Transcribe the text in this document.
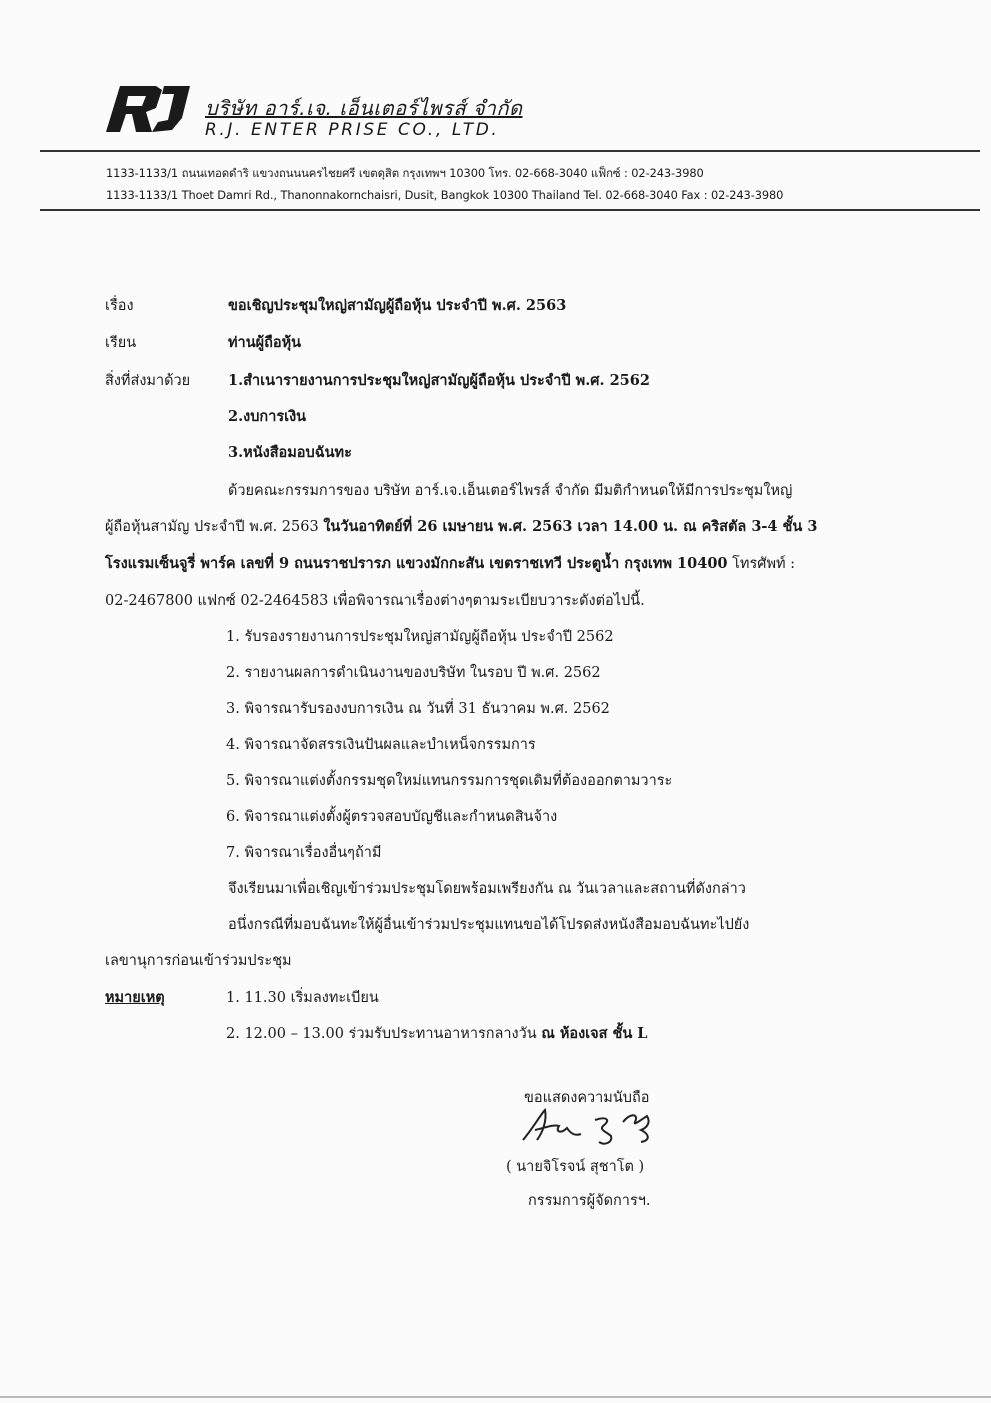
บริษัท อาร์.เจ. เอ็นเตอร์ไพรส์ จำกัด
R.J. ENTER PRISE CO., LTD.
1133-1133/1 ถนนเทอดดำริ แขวงถนนนครไชยศรี เขตดุสิต กรุงเทพฯ 10300 โทร. 02-668-3040 แฟ็กซ์ : 02-243-3980
1133-1133/1 Thoet Damri Rd., Thanonnakornchaisri, Dusit, Bangkok 10300 Thailand Tel. 02-668-3040 Fax : 02-243-3980
เรื่อง	ขอเชิญประชุมใหญ่สามัญผู้ถือหุ้น ประจำปี พ.ศ. 2563
เรียน	ท่านผู้ถือหุ้น
สิ่งที่ส่งมาด้วย	1.สำเนารายงานการประชุมใหญ่สามัญผู้ถือหุ้น ประจำปี พ.ศ. 2562
2.งบการเงิน
3.หนังสือมอบฉันทะ
ด้วยคณะกรรมการของ บริษัท อาร์.เจ.เอ็นเตอร์ไพรส์ จำกัด มีมติกำหนดให้มีการประชุมใหญ่
ผู้ถือหุ้นสามัญ ประจำปี พ.ศ. 2563 ในวันอาทิตย์ที่ 26 เมษายน พ.ศ. 2563 เวลา 14.00 น. ณ คริสตัล 3-4 ชั้น 3
โรงแรมเซ็นจูรี่ พาร์ค เลขที่ 9 ถนนราชปรารภ แขวงมักกะสัน เขตราชเทวี ประตูน้ำ กรุงเทพ 10400 โทรศัพท์ :
02-2467800 แฟกซ์ 02-2464583 เพื่อพิจารณาเรื่องต่างๆตามระเบียบวาระดังต่อไปนี้.
1. รับรองรายงานการประชุมใหญ่สามัญผู้ถือหุ้น ประจำปี 2562
2. รายงานผลการดำเนินงานของบริษัท ในรอบ ปี พ.ศ. 2562
3. พิจารณารับรองงบการเงิน ณ วันที่ 31 ธันวาคม พ.ศ. 2562
4. พิจารณาจัดสรรเงินปันผลและบำเหน็จกรรมการ
5. พิจารณาแต่งตั้งกรรมชุดใหม่แทนกรรมการชุดเดิมที่ต้องออกตามวาระ
6. พิจารณาแต่งตั้งผู้ตรวจสอบบัญชีและกำหนดสินจ้าง
7. พิจารณาเรื่องอื่นๆถ้ามี
จึงเรียนมาเพื่อเชิญเข้าร่วมประชุมโดยพร้อมเพรียงกัน ณ วันเวลาและสถานที่ดังกล่าว
อนึ่งกรณีที่มอบฉันทะให้ผู้อื่นเข้าร่วมประชุมแทนขอได้โปรดส่งหนังสือมอบฉันทะไปยัง
เลขานุการก่อนเข้าร่วมประชุม
หมายเหตุ	1. 11.30 เริ่มลงทะเบียน
2. 12.00 – 13.00 ร่วมรับประทานอาหารกลางวัน ณ ห้องเจส ชั้น L
ขอแสดงความนับถือ
( นายจิโรจน์ สุชาโต )
กรรมการผู้จัดการฯ.
